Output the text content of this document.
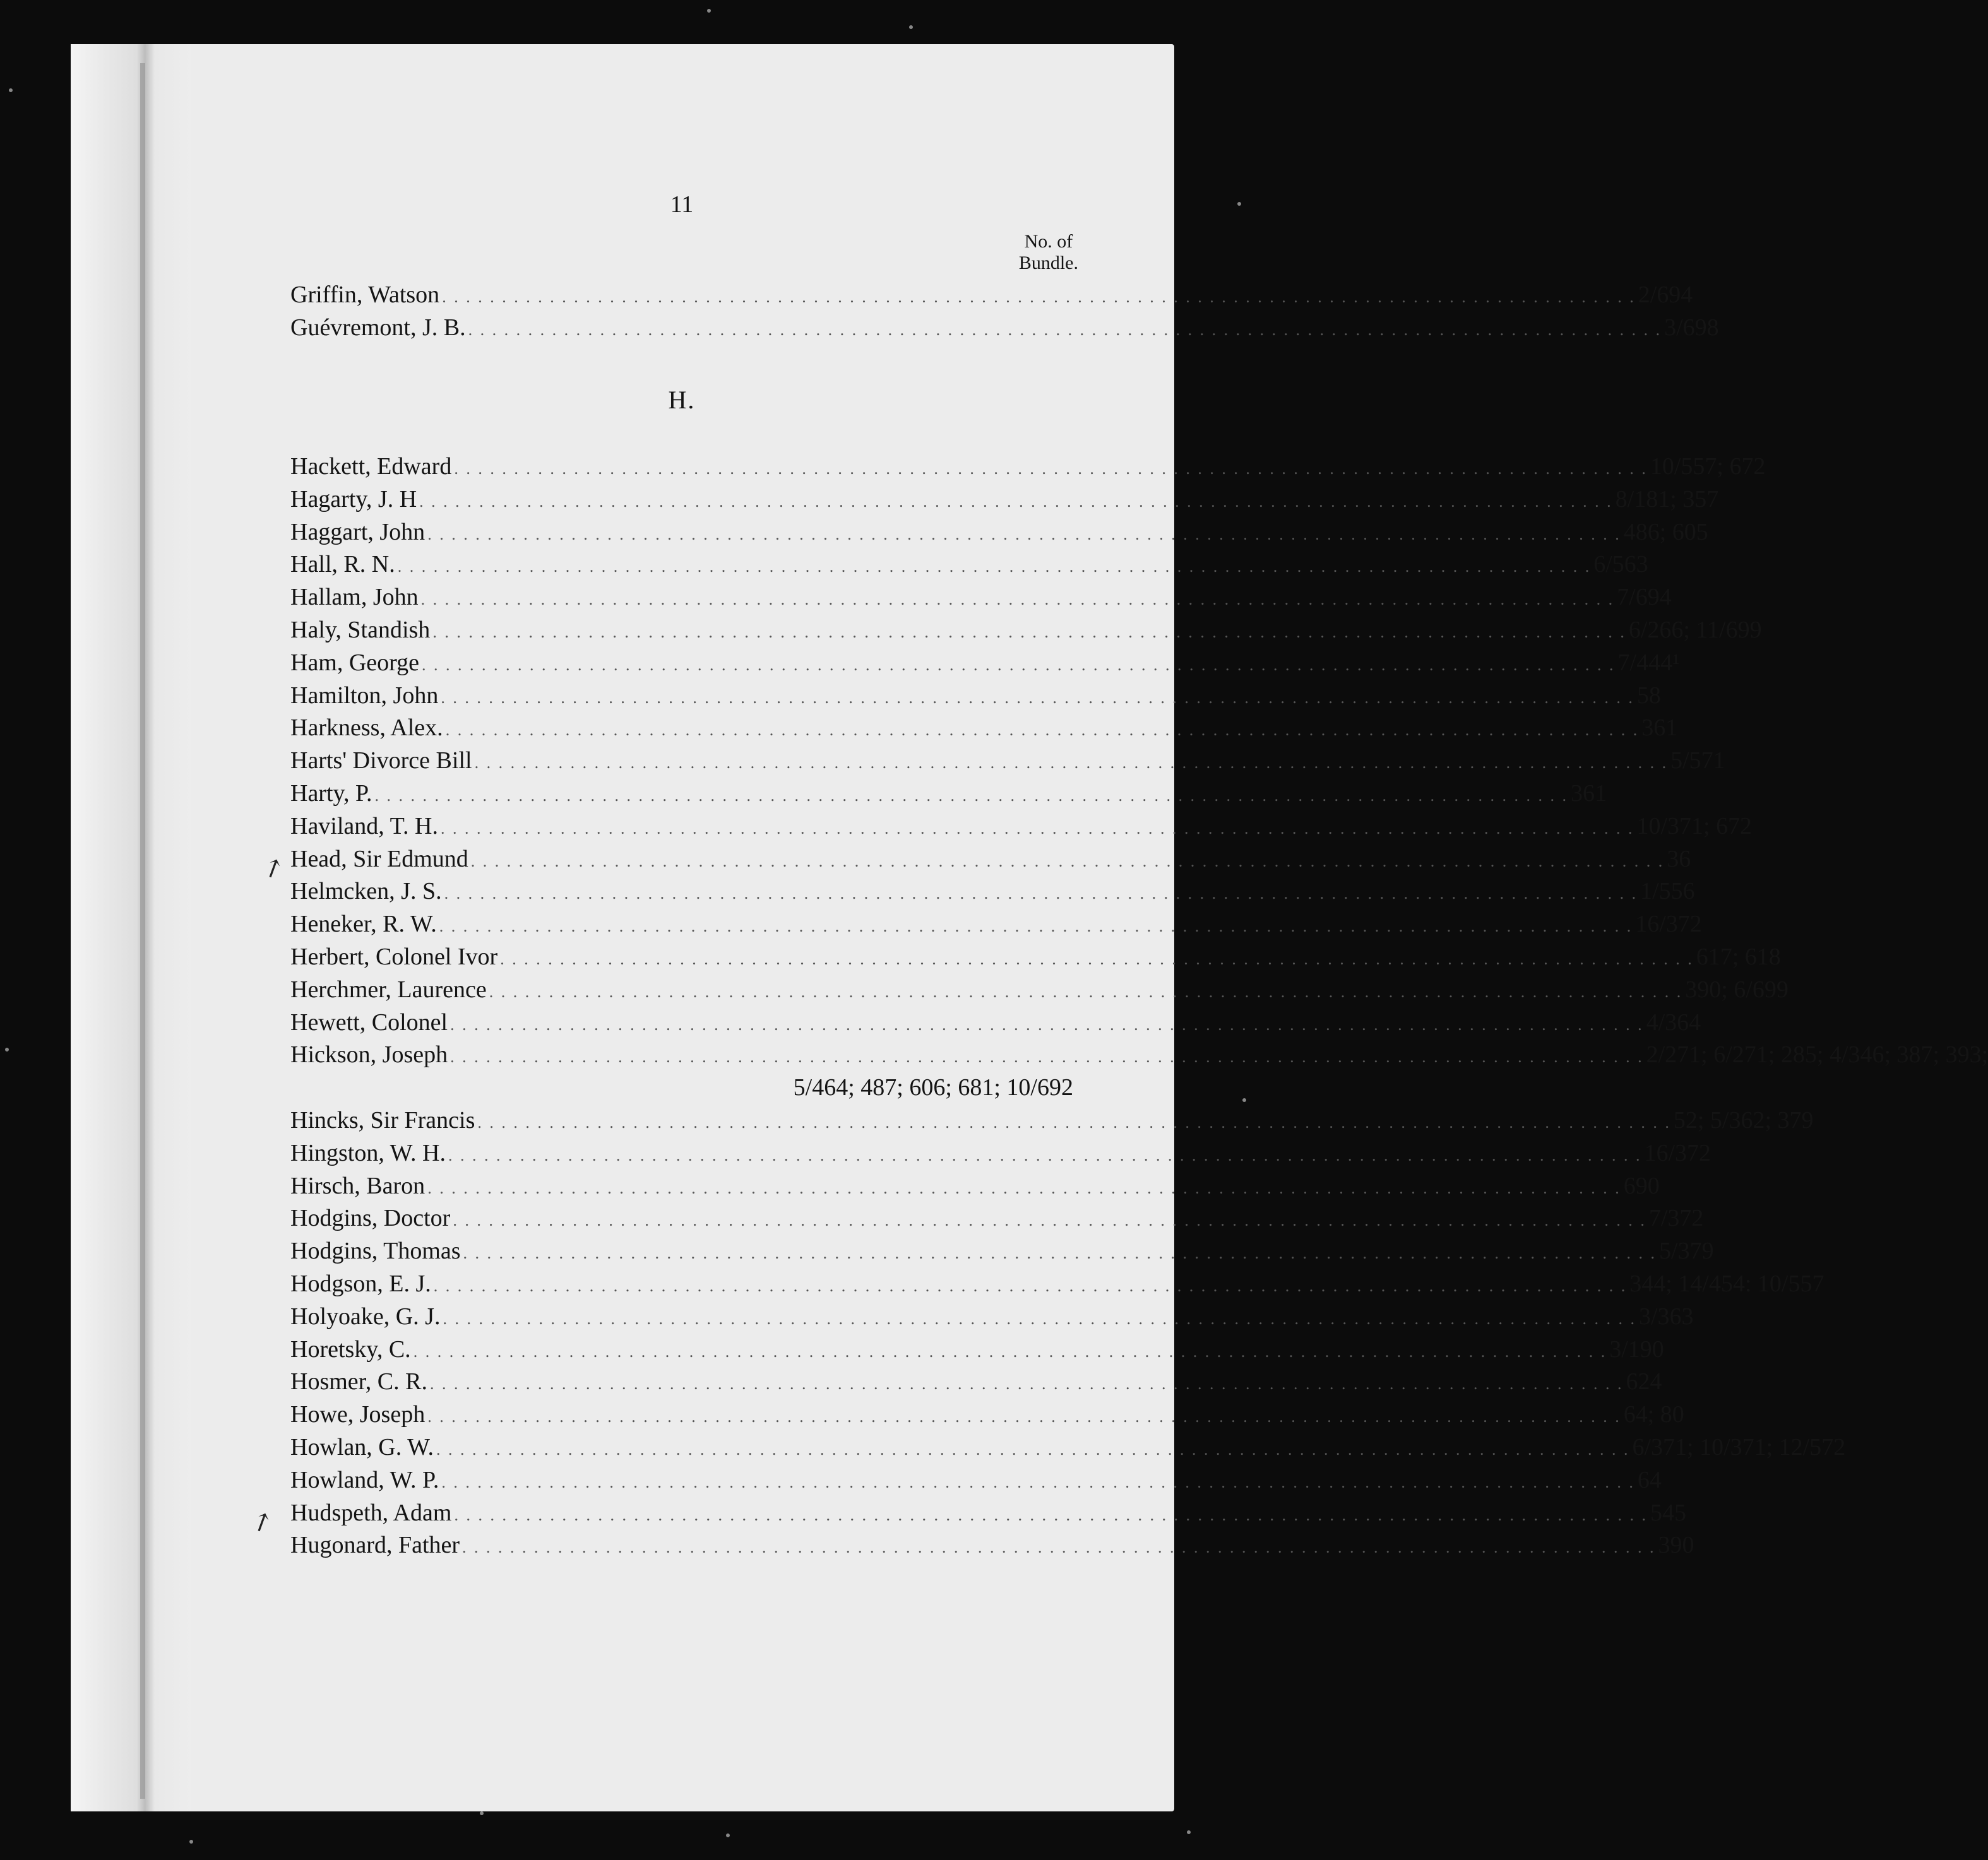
11
No. of
Bundle.
Griffin, Watson . . . . . . . . . . . . . . . . . . . . . . . . . . . . . . . . . . . . . . . . . . . . . . . . . . . . . . . . . . . . . . . . . . . . . . . . . . . . . . . . . . . . . . . . . . . . . . . . . . . . 2/694
Guévremont, J. B. . . . . . . . . . . . . . . . . . . . . . . . . . . . . . . . . . . . . . . . . . . . . . . . . . . . . . . . . . . . . . . . . . . . . . . . . . . . . . . . . . . . . . . . . . . . . . . . . . . . . 3/698
H.
Hackett, Edward . . . . . . . . . . . . . . . . . . . . . . . . . . . . . . . . . . . . . . . . . . . . . . . . . . . . . . . . . . . . . . . . . . . . . . . . . . . . . . . . . . . . . . . . . . . . . . . . . . . . 10/557; 672
Hagarty, J. H . . . . . . . . . . . . . . . . . . . . . . . . . . . . . . . . . . . . . . . . . . . . . . . . . . . . . . . . . . . . . . . . . . . . . . . . . . . . . . . . . . . . . . . . . . . . . . . . . . . . 8/181; 357
Haggart, John . . . . . . . . . . . . . . . . . . . . . . . . . . . . . . . . . . . . . . . . . . . . . . . . . . . . . . . . . . . . . . . . . . . . . . . . . . . . . . . . . . . . . . . . . . . . . . . . . . . . 486; 605
Hall, R. N. . . . . . . . . . . . . . . . . . . . . . . . . . . . . . . . . . . . . . . . . . . . . . . . . . . . . . . . . . . . . . . . . . . . . . . . . . . . . . . . . . . . . . . . . . . . . . . . . . . . . 6/563
Hallam, John . . . . . . . . . . . . . . . . . . . . . . . . . . . . . . . . . . . . . . . . . . . . . . . . . . . . . . . . . . . . . . . . . . . . . . . . . . . . . . . . . . . . . . . . . . . . . . . . . . . . 7/694
Haly, Standish . . . . . . . . . . . . . . . . . . . . . . . . . . . . . . . . . . . . . . . . . . . . . . . . . . . . . . . . . . . . . . . . . . . . . . . . . . . . . . . . . . . . . . . . . . . . . . . . . . . . 6/266; 11/699
Ham, George . . . . . . . . . . . . . . . . . . . . . . . . . . . . . . . . . . . . . . . . . . . . . . . . . . . . . . . . . . . . . . . . . . . . . . . . . . . . . . . . . . . . . . . . . . . . . . . . . . . . 7/444¹
Hamilton, John . . . . . . . . . . . . . . . . . . . . . . . . . . . . . . . . . . . . . . . . . . . . . . . . . . . . . . . . . . . . . . . . . . . . . . . . . . . . . . . . . . . . . . . . . . . . . . . . . . . . 58
Harkness, Alex. . . . . . . . . . . . . . . . . . . . . . . . . . . . . . . . . . . . . . . . . . . . . . . . . . . . . . . . . . . . . . . . . . . . . . . . . . . . . . . . . . . . . . . . . . . . . . . . . . . . . 361
Harts' Divorce Bill . . . . . . . . . . . . . . . . . . . . . . . . . . . . . . . . . . . . . . . . . . . . . . . . . . . . . . . . . . . . . . . . . . . . . . . . . . . . . . . . . . . . . . . . . . . . . . . . . . . . 5/571
Harty, P. . . . . . . . . . . . . . . . . . . . . . . . . . . . . . . . . . . . . . . . . . . . . . . . . . . . . . . . . . . . . . . . . . . . . . . . . . . . . . . . . . . . . . . . . . . . . . . . . . . . . 361
Haviland, T. H. . . . . . . . . . . . . . . . . . . . . . . . . . . . . . . . . . . . . . . . . . . . . . . . . . . . . . . . . . . . . . . . . . . . . . . . . . . . . . . . . . . . . . . . . . . . . . . . . . . . . 10/371; 672
Head, Sir Edmund . . . . . . . . . . . . . . . . . . . . . . . . . . . . . . . . . . . . . . . . . . . . . . . . . . . . . . . . . . . . . . . . . . . . . . . . . . . . . . . . . . . . . . . . . . . . . . . . . . . . 36
Helmcken, J. S. . . . . . . . . . . . . . . . . . . . . . . . . . . . . . . . . . . . . . . . . . . . . . . . . . . . . . . . . . . . . . . . . . . . . . . . . . . . . . . . . . . . . . . . . . . . . . . . . . . . . 1/556
Heneker, R. W. . . . . . . . . . . . . . . . . . . . . . . . . . . . . . . . . . . . . . . . . . . . . . . . . . . . . . . . . . . . . . . . . . . . . . . . . . . . . . . . . . . . . . . . . . . . . . . . . . . . . 16/372
Herbert, Colonel Ivor . . . . . . . . . . . . . . . . . . . . . . . . . . . . . . . . . . . . . . . . . . . . . . . . . . . . . . . . . . . . . . . . . . . . . . . . . . . . . . . . . . . . . . . . . . . . . . . . . . . . 617; 618
Herchmer, Laurence . . . . . . . . . . . . . . . . . . . . . . . . . . . . . . . . . . . . . . . . . . . . . . . . . . . . . . . . . . . . . . . . . . . . . . . . . . . . . . . . . . . . . . . . . . . . . . . . . . . . 390; 6/699
Hewett, Colonel . . . . . . . . . . . . . . . . . . . . . . . . . . . . . . . . . . . . . . . . . . . . . . . . . . . . . . . . . . . . . . . . . . . . . . . . . . . . . . . . . . . . . . . . . . . . . . . . . . . . 4/364
Hickson, Joseph . . . . . . . . . . . . . . . . . . . . . . . . . . . . . . . . . . . . . . . . . . . . . . . . . . . . . . . . . . . . . . . . . . . . . . . . . . . . . . . . . . . . . . . . . . . . . . . . . . . . 2/271; 6/271; 285; 4/346; 387; 393;
5/464; 487; 606; 681; 10/692
Hincks, Sir Francis . . . . . . . . . . . . . . . . . . . . . . . . . . . . . . . . . . . . . . . . . . . . . . . . . . . . . . . . . . . . . . . . . . . . . . . . . . . . . . . . . . . . . . . . . . . . . . . . . . . . 52; 5/362; 379
Hingston, W. H. . . . . . . . . . . . . . . . . . . . . . . . . . . . . . . . . . . . . . . . . . . . . . . . . . . . . . . . . . . . . . . . . . . . . . . . . . . . . . . . . . . . . . . . . . . . . . . . . . . . . 16/372
Hirsch, Baron . . . . . . . . . . . . . . . . . . . . . . . . . . . . . . . . . . . . . . . . . . . . . . . . . . . . . . . . . . . . . . . . . . . . . . . . . . . . . . . . . . . . . . . . . . . . . . . . . . . . 690
Hodgins, Doctor . . . . . . . . . . . . . . . . . . . . . . . . . . . . . . . . . . . . . . . . . . . . . . . . . . . . . . . . . . . . . . . . . . . . . . . . . . . . . . . . . . . . . . . . . . . . . . . . . . . . 7/372
Hodgins, Thomas . . . . . . . . . . . . . . . . . . . . . . . . . . . . . . . . . . . . . . . . . . . . . . . . . . . . . . . . . . . . . . . . . . . . . . . . . . . . . . . . . . . . . . . . . . . . . . . . . . . . 5/379
Hodgson, E. J. . . . . . . . . . . . . . . . . . . . . . . . . . . . . . . . . . . . . . . . . . . . . . . . . . . . . . . . . . . . . . . . . . . . . . . . . . . . . . . . . . . . . . . . . . . . . . . . . . . . . 344; 14/454: 10/557
Holyoake, G. J. . . . . . . . . . . . . . . . . . . . . . . . . . . . . . . . . . . . . . . . . . . . . . . . . . . . . . . . . . . . . . . . . . . . . . . . . . . . . . . . . . . . . . . . . . . . . . . . . . . . . 3/363
Horetsky, C. . . . . . . . . . . . . . . . . . . . . . . . . . . . . . . . . . . . . . . . . . . . . . . . . . . . . . . . . . . . . . . . . . . . . . . . . . . . . . . . . . . . . . . . . . . . . . . . . . . . . 3/190
Hosmer, C. R. . . . . . . . . . . . . . . . . . . . . . . . . . . . . . . . . . . . . . . . . . . . . . . . . . . . . . . . . . . . . . . . . . . . . . . . . . . . . . . . . . . . . . . . . . . . . . . . . . . . . 624
Howe, Joseph . . . . . . . . . . . . . . . . . . . . . . . . . . . . . . . . . . . . . . . . . . . . . . . . . . . . . . . . . . . . . . . . . . . . . . . . . . . . . . . . . . . . . . . . . . . . . . . . . . . . 64; 80
Howlan, G. W. . . . . . . . . . . . . . . . . . . . . . . . . . . . . . . . . . . . . . . . . . . . . . . . . . . . . . . . . . . . . . . . . . . . . . . . . . . . . . . . . . . . . . . . . . . . . . . . . . . . . 6/371; 10/371; 12/572
Howland, W. P. . . . . . . . . . . . . . . . . . . . . . . . . . . . . . . . . . . . . . . . . . . . . . . . . . . . . . . . . . . . . . . . . . . . . . . . . . . . . . . . . . . . . . . . . . . . . . . . . . . . . 64
Hudspeth, Adam . . . . . . . . . . . . . . . . . . . . . . . . . . . . . . . . . . . . . . . . . . . . . . . . . . . . . . . . . . . . . . . . . . . . . . . . . . . . . . . . . . . . . . . . . . . . . . . . . . . . 545
Hugonard, Father . . . . . . . . . . . . . . . . . . . . . . . . . . . . . . . . . . . . . . . . . . . . . . . . . . . . . . . . . . . . . . . . . . . . . . . . . . . . . . . . . . . . . . . . . . . . . . . . . . . . 390
↗
↗
